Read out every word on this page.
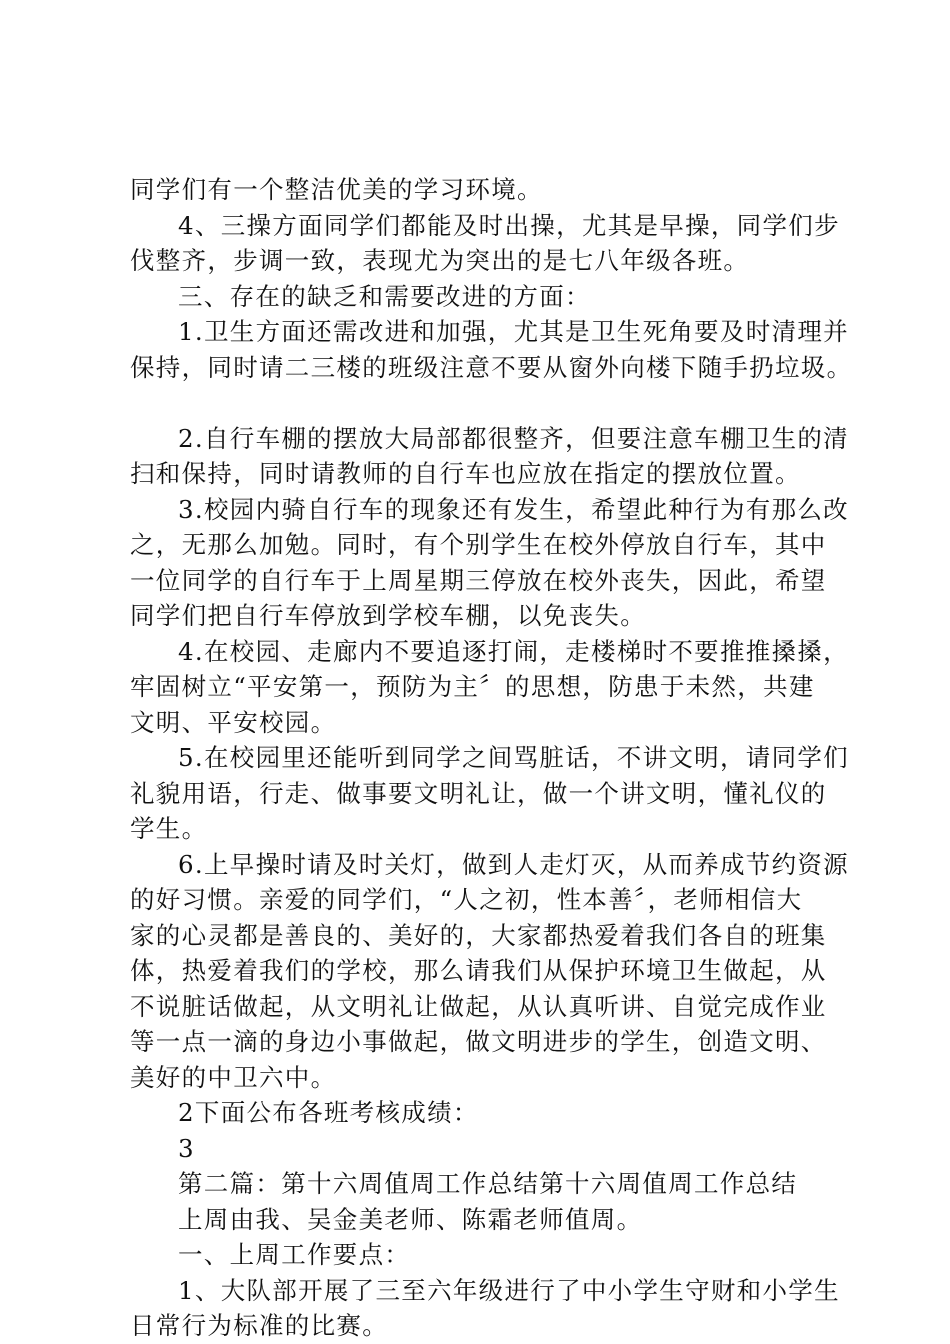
同学们有一个整洁优美的学习环境。

4、三操方面同学们都能及时出操，尤其是早操，同学们步

伐整齐，步调一致，表现尤为突出的是七八年级各班。

三、存在的缺乏和需要改进的方面：

1.卫生方面还需改进和加强，尤其是卫生死角要及时清理并

保持，同时请二三楼的班级注意不要从窗外向楼下随手扔垃圾。

2.自行车棚的摆放大局部都很整齐，但要注意车棚卫生的清

扫和保持，同时请教师的自行车也应放在指定的摆放位置。

3.校园内骑自行车的现象还有发生，希望此种行为有那么改

之，无那么加勉。同时，有个别学生在校外停放自行车，其中

一位同学的自行车于上周星期三停放在校外丧失，因此，希望

同学们把自行车停放到学校车棚，以免丧失。

4.在校园、走廊内不要追逐打闹，走楼梯时不要推推搡搡，

牢固树立“平安第一，预防为主〞的思想，防患于未然，共建

文明、平安校园。

5.在校园里还能听到同学之间骂脏话，不讲文明，请同学们

礼貌用语，行走、做事要文明礼让，做一个讲文明，懂礼仪的

学生。

6.上早操时请及时关灯，做到人走灯灭，从而养成节约资源

的好习惯。亲爱的同学们，“人之初，性本善〞，老师相信大

家的心灵都是善良的、美好的，大家都热爱着我们各自的班集

体，热爱着我们的学校，那么请我们从保护环境卫生做起，从

不说脏话做起，从文明礼让做起，从认真听讲、自觉完成作业

等一点一滴的身边小事做起，做文明进步的学生，创造文明、

美好的中卫六中。

2下面公布各班考核成绩：

3

第二篇：第十六周值周工作总结第十六周值周工作总结

上周由我、吴金美老师、陈霜老师值周。

一、上周工作要点：

1、大队部开展了三至六年级进行了中小学生守财和小学生

日常行为标准的比赛。
